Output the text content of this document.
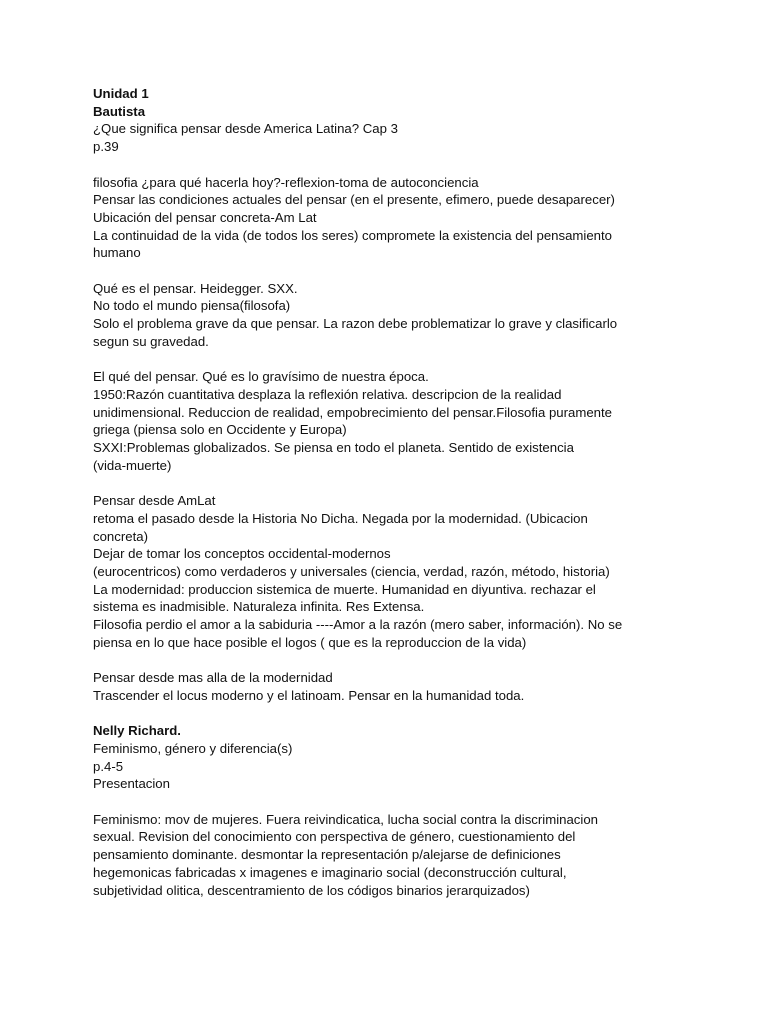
Unidad 1
Bautista
¿Que significa pensar desde America Latina? Cap 3
p.39
filosofia ¿para qué hacerla hoy?-reflexion-toma de autoconciencia
Pensar las condiciones actuales del pensar (en el presente, efimero, puede desaparecer)
Ubicación del pensar concreta-Am Lat
La continuidad de la vida (de todos los seres) compromete la existencia del pensamiento
humano
Qué es el pensar. Heidegger. SXX.
No todo el mundo piensa(filosofa)
Solo el problema grave da que pensar. La razon debe problematizar lo grave y clasificarlo
segun su gravedad.
El qué del pensar. Qué es lo gravísimo de nuestra época.
1950:Razón cuantitativa desplaza la reflexión relativa. descripcion de la realidad
unidimensional. Reduccion de realidad, empobrecimiento del pensar.Filosofia puramente
griega (piensa solo en Occidente y Europa)
SXXI:Problemas globalizados. Se piensa en todo el planeta. Sentido de existencia
(vida-muerte)
Pensar desde AmLat
retoma el pasado desde la Historia No Dicha. Negada por la modernidad. (Ubicacion
concreta)
Dejar de tomar los conceptos occidental-modernos
(eurocentricos) como verdaderos y universales (ciencia, verdad, razón, método, historia)
La modernidad: produccion sistemica de muerte. Humanidad en diyuntiva. rechazar el
sistema es inadmisible. Naturaleza infinita. Res Extensa.
Filosofia perdio el amor a la sabiduria ----Amor a la razón (mero saber, información). No se
piensa en lo que hace posible el logos ( que es la reproduccion de la vida)
Pensar desde mas alla de la modernidad
Trascender el locus moderno y el latinoam. Pensar en la humanidad toda.
Nelly Richard.
Feminismo, género y diferencia(s)
p.4-5
Presentacion
Feminismo: mov de mujeres. Fuera reivindicatica, lucha social contra la discriminacion
sexual. Revision del conocimiento con perspectiva de género, cuestionamiento del
pensamiento dominante. desmontar la representación p/alejarse de definiciones
hegemonicas fabricadas x imagenes e imaginario social (deconstrucción cultural,
subjetividad olitica, descentramiento de los códigos binarios jerarquizados)
